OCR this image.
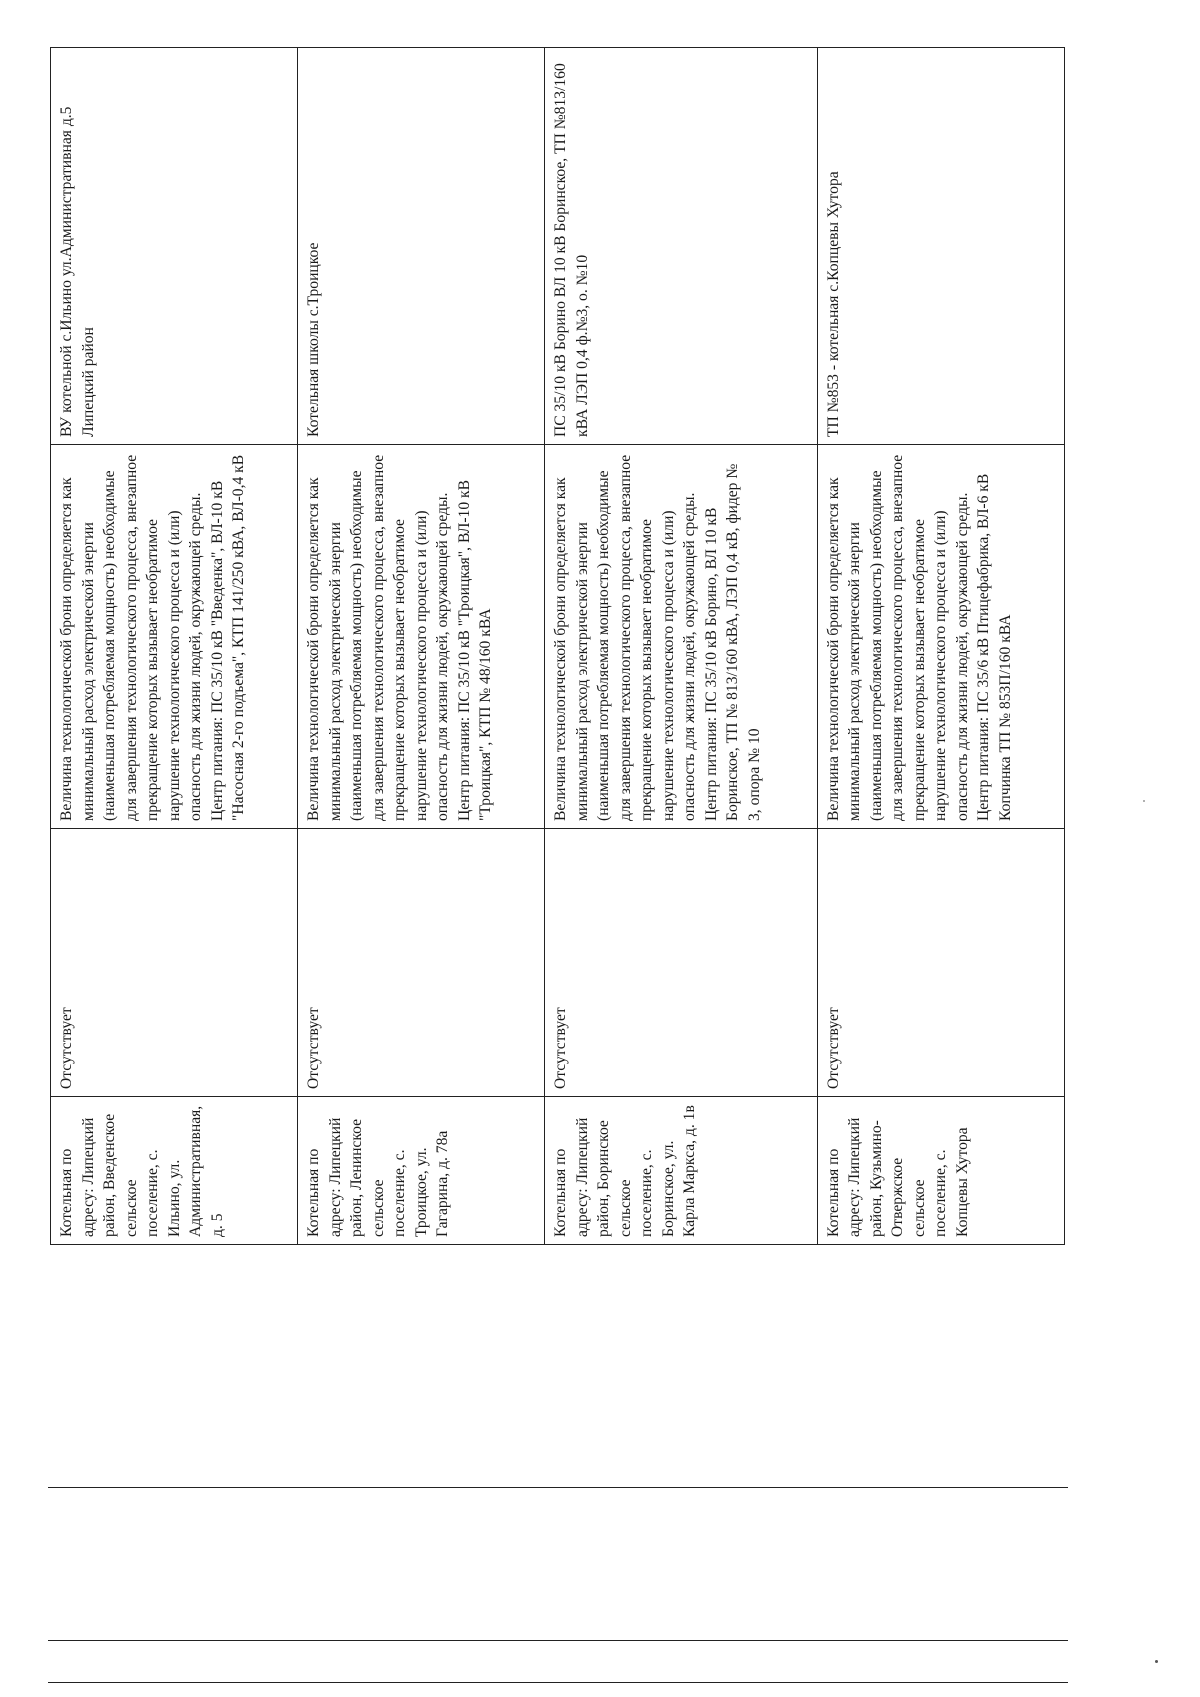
Котельная по адресу: Липецкий район, Введенское сельское поселение, с. Ильино, ул. Административная, д. 5	Отсутствует	Величина технологической брони определяется как минимальный расход электрической энергии (наименьшая потребляемая мощность) необходимые для завершения технологического процесса, внезапное прекращение которых вызывает необратимое нарушение технологического процесса и (или) опасность для жизни людей, окружающей среды. Центр питания: ПС 35/10 кВ "Введенка", ВЛ-10 кВ "Насосная 2-го подъема", КТП 141/250 кВА, ВЛ-0,4 кВ	ВУ котельной с.Ильино ул.Административная д.5 Липецкий район
Котельная по адресу: Липецкий район, Ленинское сельское поселение, с. Троицкое, ул. Гагарина, д. 78а	Отсутствует	Величина технологической брони определяется как минимальный расход электрической энергии (наименьшая потребляемая мощность) необходимые для завершения технологического процесса, внезапное прекращение которых вызывает необратимое нарушение технологического процесса и (или) опасность для жизни людей, окружающей среды. Центр питания: ПС 35/10 кВ "Троицкая", ВЛ-10 кВ "Троицкая", КТП № 48/160 кВА	Котельная школы с.Троицкое
Котельная по адресу: Липецкий район, Боринское сельское поселение, с. Боринское, ул. Карла Маркса, д. 1в	Отсутствует	Величина технологической брони определяется как минимальный расход электрической энергии (наименьшая потребляемая мощность) необходимые для завершения технологического процесса, внезапное прекращение которых вызывает необратимое нарушение технологического процесса и (или) опасность для жизни людей, окружающей среды. Центр питания: ПС 35/10 кВ Борино, ВЛ 10 кВ Боринское, ТП № 813/160 кВА, ЛЭП 0,4 кВ, фидер № 3, опора № 10	ПС 35/10 кВ Борино ВЛ 10 кВ Боринское, ТП №813/160 кВА ЛЭП 0,4 ф.№3, о. №10
Котельная по адресу: Липецкий район, Кузьмино-Отвержское сельское поселение, с. Копцевы Хутора	Отсутствует	Величина технологической брони определяется как минимальный расход электрической энергии (наименьшая потребляемая мощность) необходимые для завершения технологического процесса, внезапное прекращение которых вызывает необратимое нарушение технологического процесса и (или) опасность для жизни людей, окружающей среды. Центр питания: ПС 35/6 кВ Птицефабрика, ВЛ-6 кВ Копчинка ТП № 853П/160 кВА	ТП №853 - котельная с.Копцевы Хутора
